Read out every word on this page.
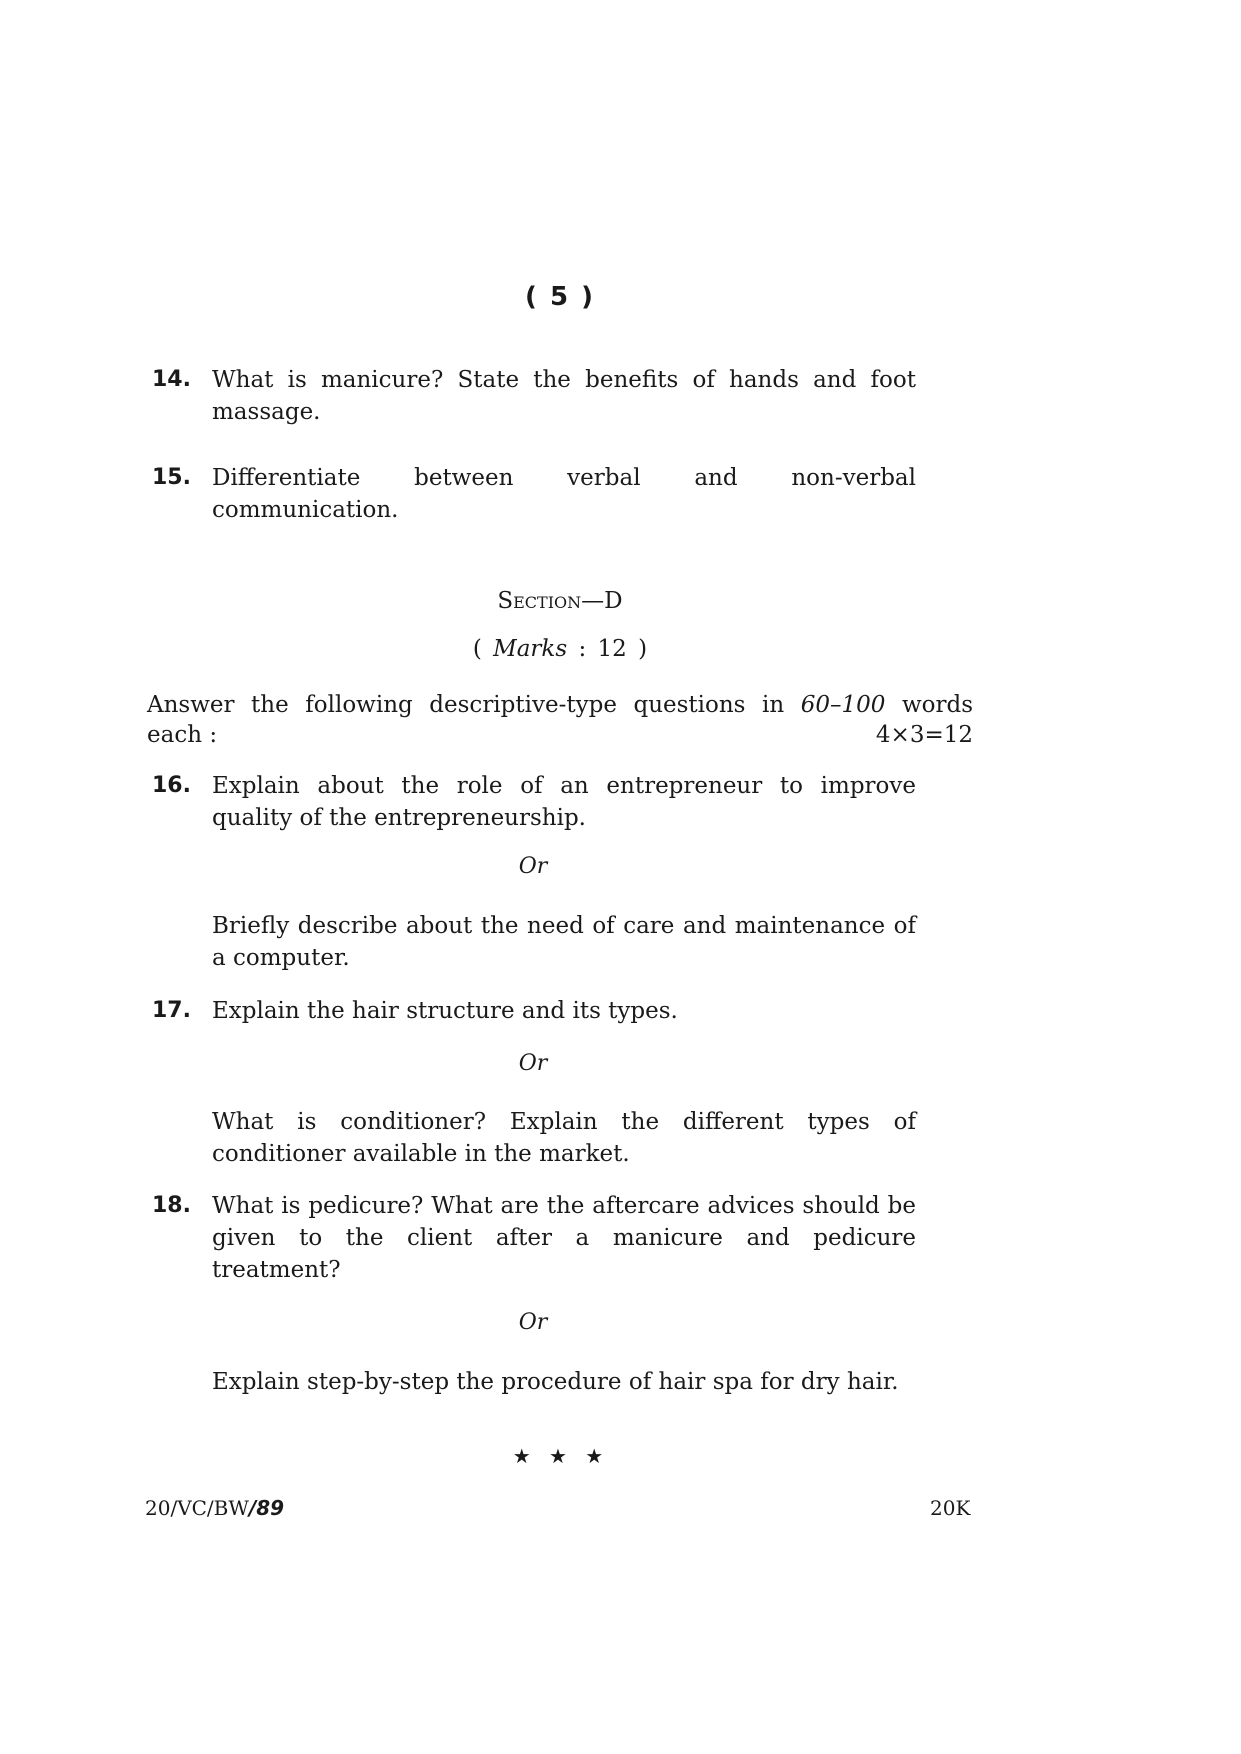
( 5 )
14. What is manicure? State the benefits of hands and foot massage.
15. Differentiate between verbal and non-verbal
communication.
Section—D
( Marks : 12 )
Answer the following descriptive-type questions in 60–100 words
each :	4×3=12
16. Explain about the role of an entrepreneur to improve quality of the entrepreneurship.
Or
Briefly describe about the need of care and maintenance of a computer.
17. Explain the hair structure and its types.
Or
What is conditioner? Explain the different types of conditioner available in the market.
18. What is pedicure? What are the aftercare advices should be given to the client after a manicure and pedicure treatment?
Or
Explain step-by-step the procedure of hair spa for dry hair.
★ ★ ★
20/VC/BW/89	20K
